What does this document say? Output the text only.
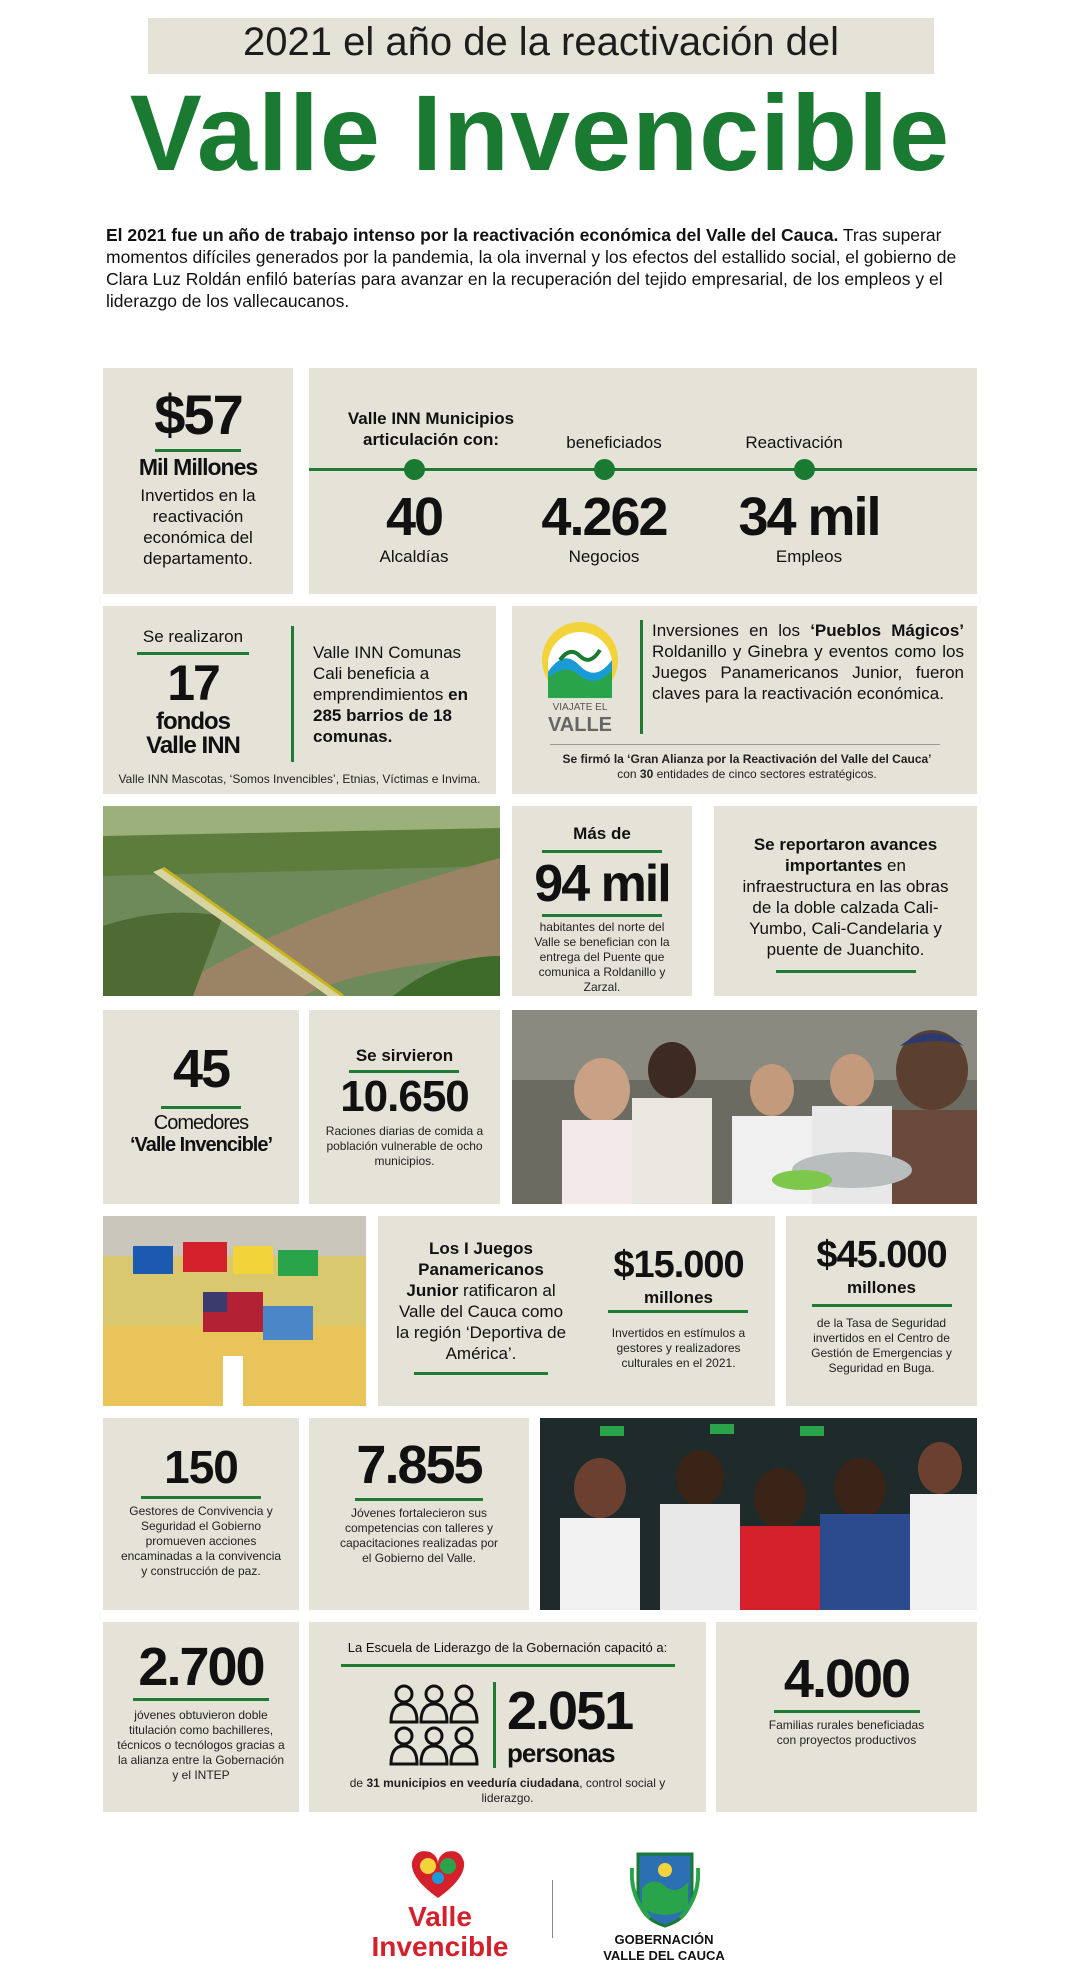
2021 el año de la reactivación del
Valle Invencible
El 2021 fue un año de trabajo intenso por la reactivación económica del Valle del Cauca. Tras superar momentos difíciles generados por la pandemia, la ola invernal y los efectos del estallido social, el gobierno de Clara Luz Roldán enfiló baterías para avanzar en la recuperación del tejido empresarial, de los empleos y el liderazgo de los vallecaucanos.
$57
Mil Millones
Invertidos en la reactivación económica del departamento.
Valle INN Municipios articulación con:	beneficiados	Reactivación
40
Alcaldías
4.262
Negocios
34 mil
Empleos
Se realizaron
17
fondos
Valle INN
Valle INN Comunas Cali beneficia a emprendimientos en 285 barrios de 18 comunas.
Valle INN Mascotas, ‘Somos Invencibles’, Etnias, Víctimas e Invima.
VIAJATE EL
VALLE
Inversiones en los ‘Pueblos Mágicos’ Roldanillo y Ginebra y eventos como los Juegos Panamericanos Junior, fueron claves para la reactivación económica.
Se firmó la ‘Gran Alianza por la Reactivación del Valle del Cauca’ con 30 entidades de cinco sectores estratégicos.
Más de
94 mil
habitantes del norte del Valle se benefician con la entrega del Puente que comunica a Roldanillo y Zarzal.
Se reportaron avances importantes en infraestructura en las obras de la doble calzada Cali-Yumbo, Cali-Candelaria y puente de Juanchito.
45
Comedores
‘Valle Invencible’
Se sirvieron
10.650
Raciones diarias de comida a población vulnerable de ocho municipios.
Los I Juegos Panamericanos Junior ratificaron al Valle del Cauca como la región ‘Deportiva de América’.
$15.000
millones
Invertidos en estímulos a gestores y realizadores culturales en el 2021.
$45.000
millones
de la Tasa de Seguridad invertidos en el Centro de Gestión de Emergencias y Seguridad en Buga.
150
Gestores de Convivencia y Seguridad el Gobierno promueven acciones encaminadas a la convivencia y construcción de paz.
7.855
Jóvenes fortalecieron sus competencias con talleres y capacitaciones realizadas por el Gobierno del Valle.
2.700
jóvenes obtuvieron doble titulación como bachilleres, técnicos o tecnólogos gracias a la alianza entre la Gobernación y el INTEP
La Escuela de Liderazgo de la Gobernación capacitó a:
2.051
personas
de 31 municipios en veeduría ciudadana, control social y liderazgo.
4.000
Familias rurales beneficiadas con proyectos productivos
Valle
Invencible	GOBERNACIÓN
VALLE DEL CAUCA
